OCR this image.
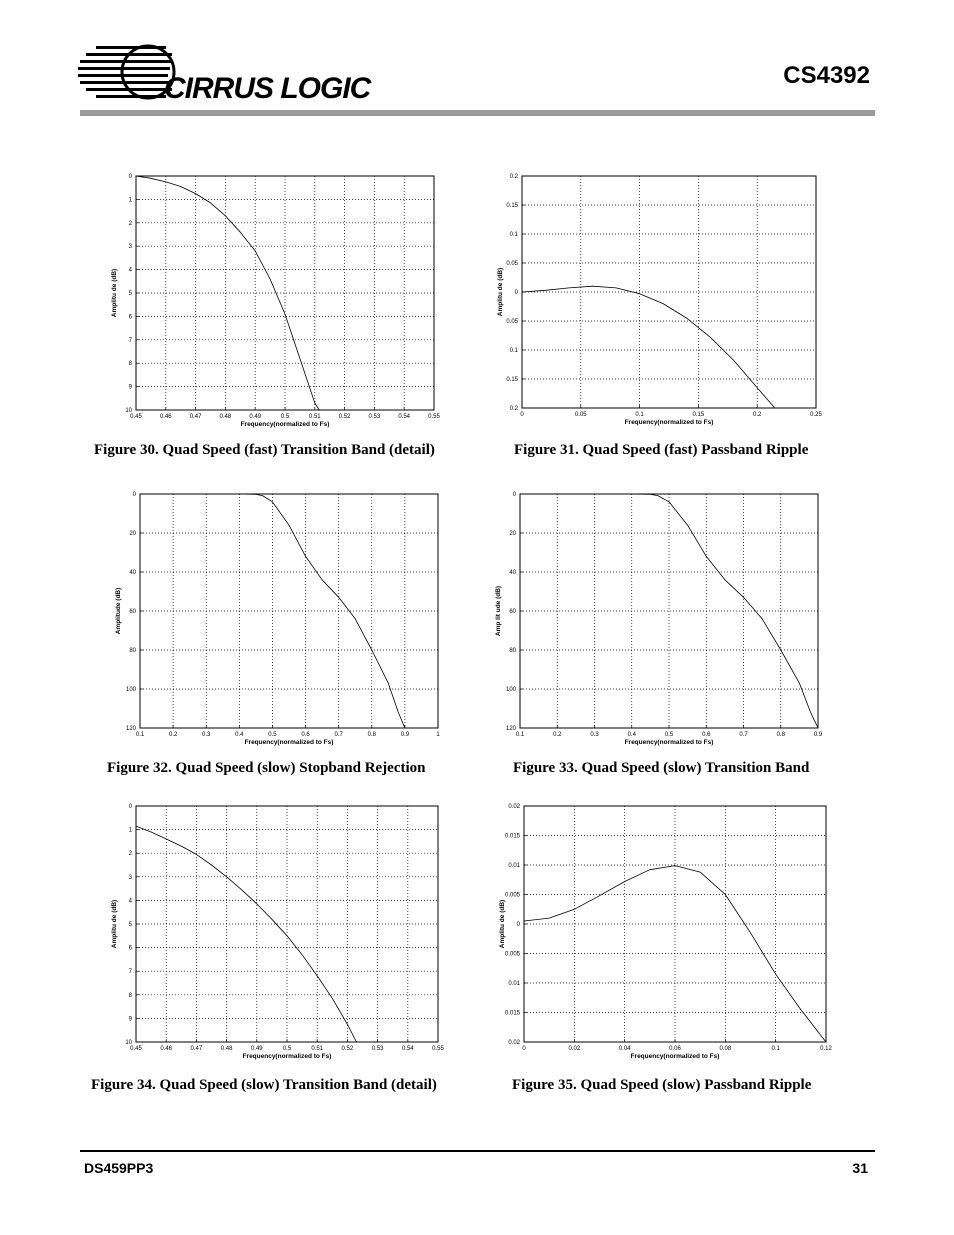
CIRRUS LOGIC	CS4392
0.45	0.46	0.47	0.48	0.49	0.5	0.51	0.52	0.53	0.54	0.55
0
1
2
3
4
5
6
7
8
9
10
Frequency(normalized to Fs)
Amplitu de (dB)
Figure 30. Quad Speed (fast) Transition Band (detail)
0	0.05	0.1	0.15	0.2	0.25
0.2
0.15
0.1
0.05
0
0.05
0.1
0.15
0.2
Frequency(normalized to Fs)
Amplitu de (dB)
Figure 31. Quad Speed (fast) Passband Ripple
0.1	0.2	0.3	0.4	0.5	0.6	0.7	0.8	0.9	1
0
20
40
60
80
100
120
Frequency(normalized to Fs)
Amplitude (dB)
Figure 32. Quad Speed (slow) Stopband Rejection
0.1	0.2	0.3	0.4	0.5	0.6	0.7	0.8	0.9
0
20
40
60
80
100
120
Frequency(normalized to Fs)
Amp lit ude (dB)
Figure 33. Quad Speed (slow) Transition Band
0.45	0.46	0.47	0.48	0.49	0.5	0.51	0.52	0.53	0.54	0.55
0
1
2
3
4
5
6
7
8
9
10
Frequency(normalized to Fs)
Amplitu de (dB)
Figure 34. Quad Speed (slow) Transition Band (detail)
0	0.02	0.04	0.06	0.08	0.1	0.12
0.02
0.015
0.01
0.005
0
0.005
0.01
0.015
0.02
Frequency(normalized to Fs)
Amplitu de (dB)
Figure 35. Quad Speed (slow) Passband Ripple
DS459PP3	31
